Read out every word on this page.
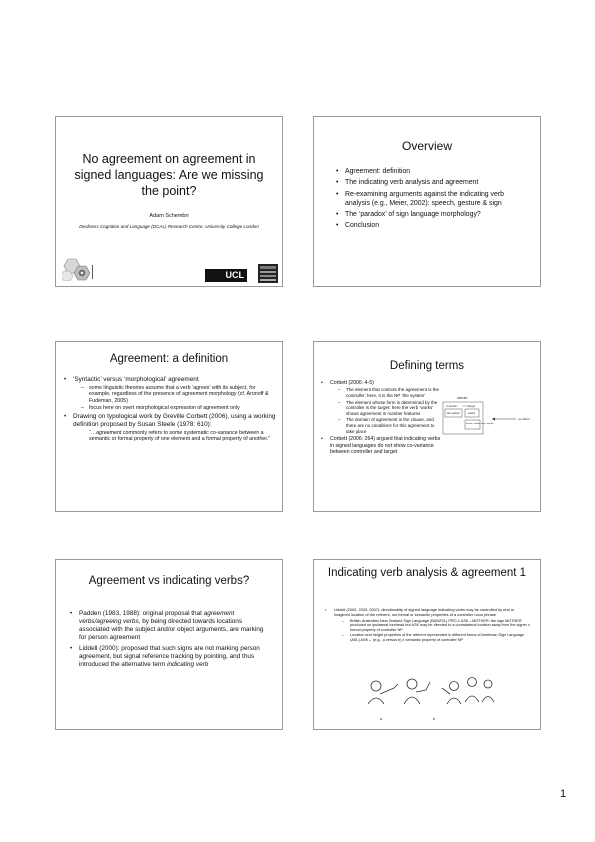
No agreement on agreement in signed languages: Are we missing the point?
Adam Schembri
Deafness Cognition and Language (DCAL) Research Centre, University College London
UCL
Overview
• Agreement: definition
• The indicating verb analysis and agreement
• Re-examining arguments against the indicating verb analysis (e.g., Meier, 2002): speech, gesture & sign
• The ‘paradox’ of sign language morphology?
• Conclusion
Agreement: a definition
• ‘Syntactic’ versus ‘morphological’ agreement
– some linguistic theories assume that a verb ‘agrees’ with its subject, for example, regardless of the presence of agreement morphology (cf. Aronoff & Fudeman, 2005)
– focus here on overt morphological expression of agreement only
• Drawing on typological work by Greville Corbett (2006), using a working definition proposed by Susan Steele (1978: 610):
“ “…agreement commonly refers to some systematic co-variance between a semantic or formal property of one element and a formal property of another.”
Defining terms
• Corbett (2006: 4-5)
– The element that controls the agreement is the controller: here, it is the NP ‘the system’
– The element whose form is determined by the controller is the target: here the verb ‘works’ shows agreement in number features
– The domain of agreement is the clause, and there are no conditions for this agreement to take place
• Corbett (2006: 264) argued that indicating verbs in signed languages do not show co-variance between controller and target
domain
controller	target
the system	works
feature: number value: singular
condition
Agreement vs indicating verbs?
• Padden (1983, 1988): original proposal that agreement verbs/agreeing verbs, by being directed towards locations associated with the subject and/or object arguments, are marking for person agreement
• Liddell (2000): proposed that such signs are not marking person agreement, but signal reference tracking by pointing, and thus introduced the alternative term indicating verb
Indicating verb analysis & agreement 1
• Liddell (2000, 2003, 2007): directionality of signed language indicating verbs may be controlled by real or imagined location of the referent, not formal or semantic properties of a controller noun phrase
– British-Australian-New Zealand Sign Language (BANZSL) PRO-1 ASK→MOTHER: the sign MOTHER produced on ipsilateral forehead but ASK may be directed to a contralateral location away from the signer ≠ formal property of controller NP
– Location and height properties of the referent represented in different forms of American Sign Language (ASL) ASK→ (e.g., a versus b) ≠ semantic property of controller NP
a	b
1
